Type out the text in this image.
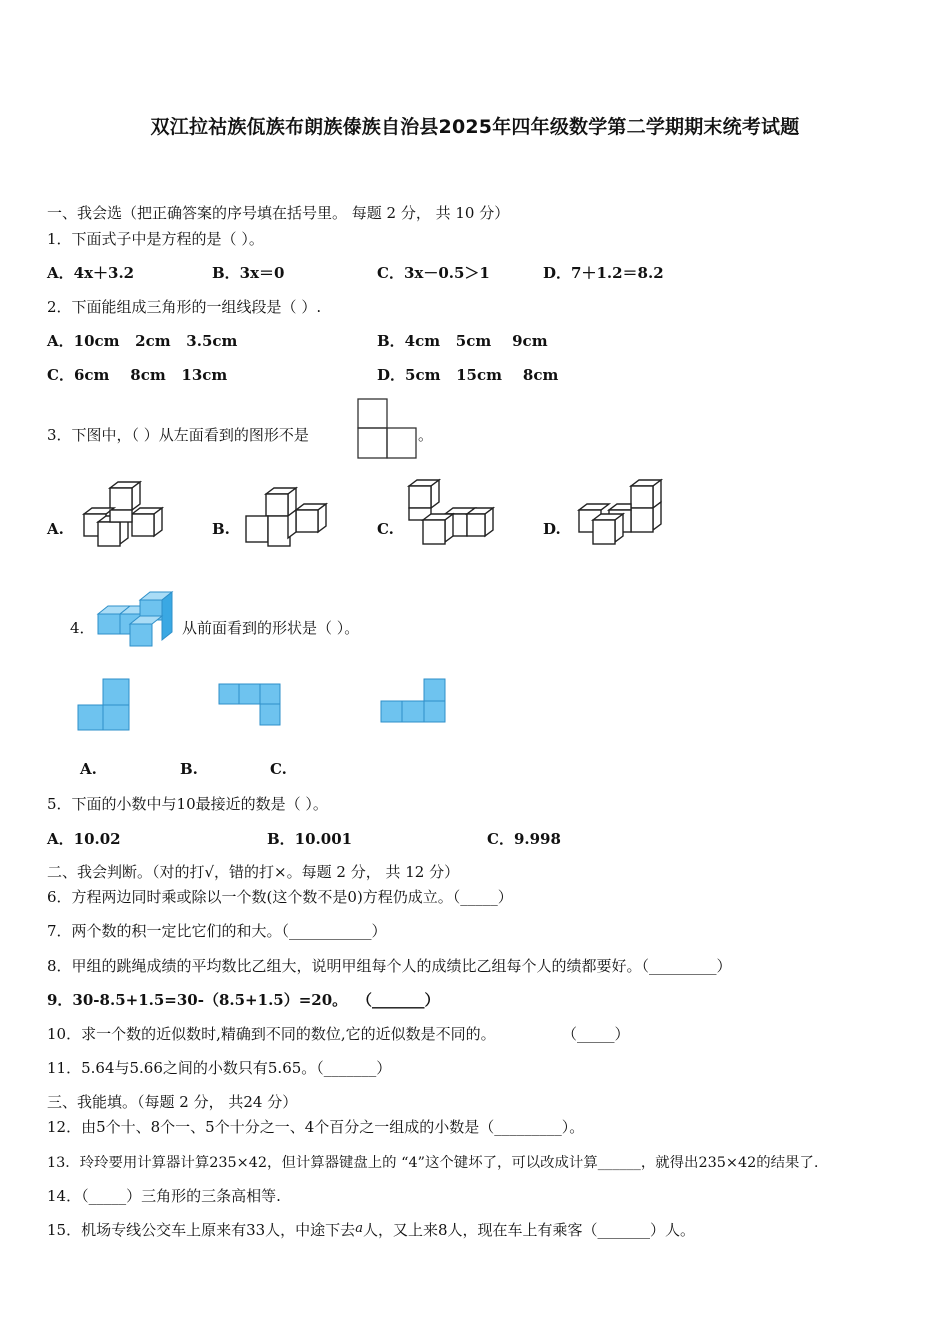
双江拉祜族佤族布朗族傣族自治县2025年四年级数学第二学期期末统考试题
一、我会选（把正确答案的序号填在括号里。 每题 2 分， 共 10 分）
1．下面式子中是方程的是（ ）。
A．4x＋3.2	B．3x＝0	C．3x－0.5＞1	D．7＋1.2＝8.2
2．下面能组成三角形的一组线段是（ ）.
A．10cm   2cm   3.5cm	B．4cm   5cm    9cm
C．6cm    8cm   13cm	D．5cm   15cm    8cm
3．下图中，（ ）从左面看到的图形不是	。
A.	B.	C.	D.
4．	从前面看到的形状是（ ）。
A.	B.	C.
5．下面的小数中与10最接近的数是（ ）。
A．10.02	B．10.001	C．9.998
二、我会判断。（对的打√，错的打×。每题 2 分， 共 12 分）
6．方程两边同时乘或除以一个数(这个数不是0)方程仍成立。（_____）
7．两个数的积一定比它们的和大。（___________）
8．甲组的跳绳成绩的平均数比乙组大，说明甲组每个人的成绩比乙组每个人的绩都要好。（_________）
9．30-8.5+1.5=30-（8.5+1.5）=20。 （_______）
10．求一个数的近似数时,精确到不同的数位,它的近似数是不同的。	（_____）
11．5.64与5.66之间的小数只有5.65。（_______）
三、我能填。（每题 2 分， 共24 分）
12．由5个十、8个一、5个十分之一、4个百分之一组成的小数是（_________）。
13．玲玲要用计算器计算235×42，但计算器键盘上的 “4”这个键坏了，可以改成计算______，就得出235×42的结果了.
14．（_____）三角形的三条高相等.
15．机场专线公交车上原来有33人，中途下去a人，又上来8人，现在车上有乘客（_______）人。
